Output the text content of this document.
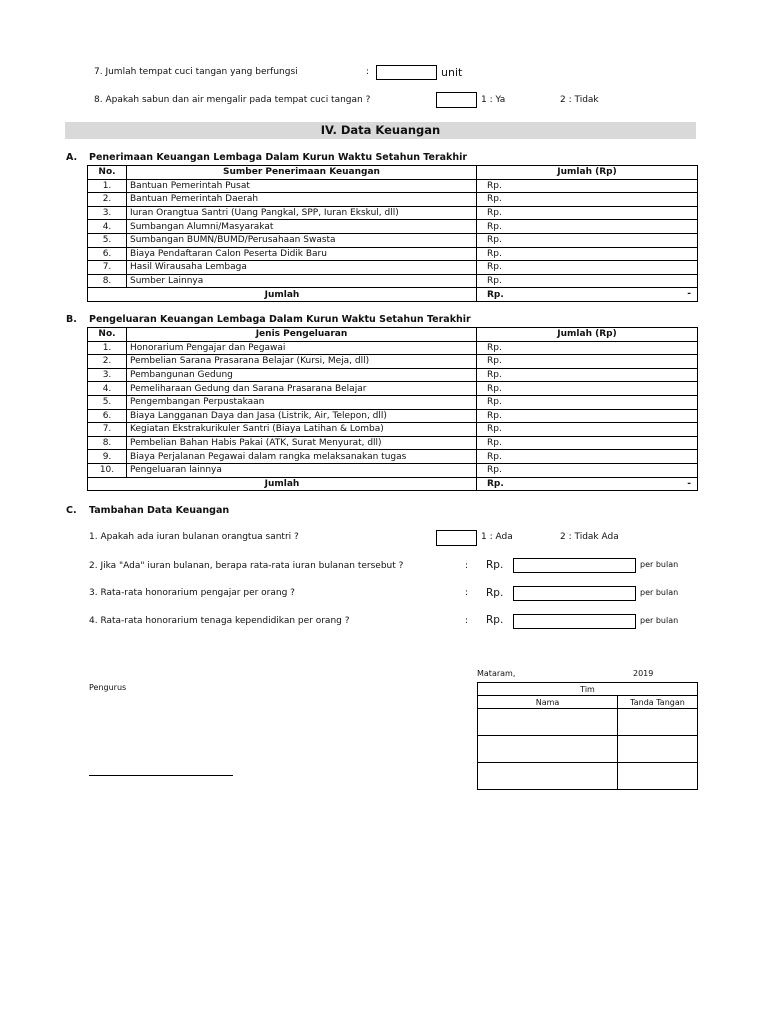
7. Jumlah tempat cuci tangan yang berfungsi	:	unit
8. Apakah sabun dan air mengalir pada tempat cuci tangan ?	1 : Ya	2 : Tidak
IV. Data Keuangan
A. Penerimaan Keuangan Lembaga Dalam Kurun Waktu Setahun Terakhir
No.	Sumber Penerimaan Keuangan	Jumlah (Rp)
1.	Bantuan Pemerintah Pusat	Rp.
2.	Bantuan Pemerintah Daerah	Rp.
3.	Iuran Orangtua Santri (Uang Pangkal, SPP, Iuran Ekskul, dll)	Rp.
4.	Sumbangan Alumni/Masyarakat	Rp.
5.	Sumbangan BUMN/BUMD/Perusahaan Swasta	Rp.
6.	Biaya Pendaftaran Calon Peserta Didik Baru	Rp.
7.	Hasil Wirausaha Lembaga	Rp.
8.	Sumber Lainnya	Rp.
Jumlah		Rp. -
B. Pengeluaran Keuangan Lembaga Dalam Kurun Waktu Setahun Terakhir
No.	Jenis Pengeluaran	Jumlah (Rp)
1.	Honorarium Pengajar dan Pegawai	Rp.
2.	Pembelian Sarana Prasarana Belajar (Kursi, Meja, dll)	Rp.
3.	Pembangunan Gedung	Rp.
4.	Pemeliharaan Gedung dan Sarana Prasarana Belajar	Rp.
5.	Pengembangan Perpustakaan	Rp.
6.	Biaya Langganan Daya dan Jasa (Listrik, Air, Telepon, dll)	Rp.
7.	Kegiatan Ekstrakurikuler Santri (Biaya Latihan & Lomba)	Rp.
8.	Pembelian Bahan Habis Pakai (ATK, Surat Menyurat, dll)	Rp.
9.	Biaya Perjalanan Pegawai dalam rangka melaksanakan tugas	Rp.
10.	Pengeluaran lainnya	Rp.
Jumlah		Rp. -
C. Tambahan Data Keuangan
1. Apakah ada iuran bulanan orangtua santri ?	1 : Ada	2 : Tidak Ada
2. Jika "Ada" iuran bulanan, berapa rata-rata iuran bulanan tersebut ?	: Rp.	per bulan
3. Rata-rata honorarium pengajar per orang ?	: Rp.	per bulan
4. Rata-rata honorarium tenaga kependidikan per orang ?	: Rp.	per bulan
Mataram,	2019
Pengurus	Tim	
Nama	Tanda Tangan
